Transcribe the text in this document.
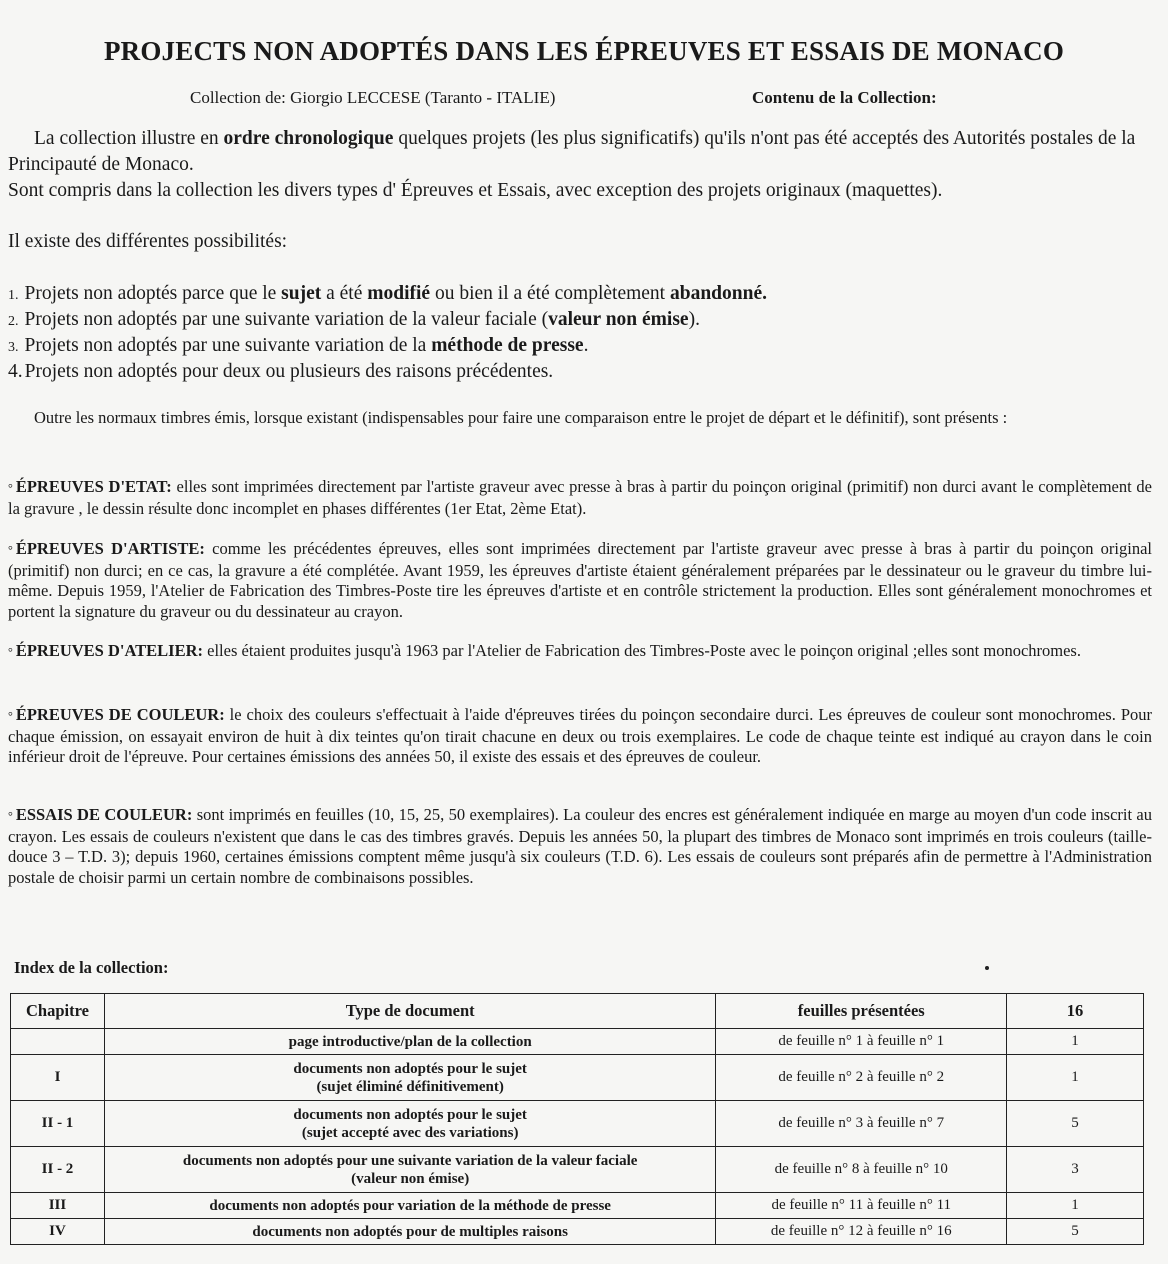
PROJECTS NON ADOPTÉS DANS LES ÉPREUVES ET ESSAIS DE MONACO
Collection de: Giorgio LECCESE (Taranto - ITALIE)	Contenu de la Collection:

La collection illustre en ordre chronologique quelques projets (les plus significatifs) qu'ils n'ont pas été acceptés des Autorités postales de la Principauté de Monaco.

Sont compris dans la collection les divers types d' Épreuves et Essais, avec exception des projets originaux (maquettes).

Il existe des différentes possibilités:
1. Projets non adoptés parce que le sujet a été modifié ou bien il a été complètement abandonné.
2. Projets non adoptés par une suivante variation de la valeur faciale (valeur non émise).
3. Projets non adoptés par une suivante variation de la méthode de presse.
4. Projets non adoptés pour deux ou plusieurs des raisons précédentes.

Outre les normaux timbres émis, lorsque existant (indispensables pour faire une comparaison entre le projet de départ et le définitif), sont présents :

° ÉPREUVES D'ETAT: elles sont imprimées directement par l'artiste graveur avec presse à bras à partir du poinçon original (primitif) non durci avant le complètement de la gravure , le dessin résulte donc incomplet en phases différentes (1er Etat, 2ème Etat).

° ÉPREUVES D'ARTISTE: comme les précédentes épreuves, elles sont imprimées directement par l'artiste graveur avec presse à bras à partir du poinçon original (primitif) non durci; en ce cas, la gravure a été complétée. Avant 1959, les épreuves d'artiste étaient généralement préparées par le dessinateur ou le graveur du timbre lui-même. Depuis 1959, l'Atelier de Fabrication des Timbres-Poste tire les épreuves d'artiste et en contrôle strictement la production. Elles sont généralement monochromes et portent la signature du graveur ou du dessinateur au crayon.

° ÉPREUVES D'ATELIER: elles étaient produites jusqu'à 1963 par l'Atelier de Fabrication des Timbres-Poste avec le poinçon original ;elles sont monochromes.

° ÉPREUVES DE COULEUR: le choix des couleurs s'effectuait à l'aide d'épreuves tirées du poinçon secondaire durci. Les épreuves de couleur sont monochromes. Pour chaque émission, on essayait environ de huit à dix teintes qu'on tirait chacune en deux ou trois exemplaires. Le code de chaque teinte est indiqué au crayon dans le coin inférieur droit de l'épreuve. Pour certaines émissions des années 50, il existe des essais et des épreuves de couleur.

° ESSAIS DE COULEUR: sont imprimés en feuilles (10, 15, 25, 50 exemplaires). La couleur des encres est généralement indiquée en marge au moyen d'un code inscrit au crayon. Les essais de couleurs n'existent que dans le cas des timbres gravés. Depuis les années 50, la plupart des timbres de Monaco sont imprimés en trois couleurs (taille-douce 3 – T.D. 3); depuis 1960, certaines émissions comptent même jusqu'à six couleurs (T.D. 6). Les essais de couleurs sont préparés afin de permettre à l'Administration postale de choisir parmi un certain nombre de combinaisons possibles.

Index de la collection:
Chapitre	Type de document	feuilles présentées	16
	page introductive/plan de la collection	de feuille n° 1 à feuille n° 1	1
I	documents non adoptés pour le sujet
(sujet éliminé définitivement)	de feuille n° 2 à feuille n° 2	1
II - 1	documents non adoptés pour le sujet
(sujet accepté avec des variations)	de feuille n° 3 à feuille n° 7	5
II - 2	documents non adoptés pour une suivante variation de la valeur faciale
(valeur non émise)	de feuille n° 8 à feuille n° 10	3
III	documents non adoptés pour variation de la méthode de presse	de feuille n° 11 à feuille n° 11	1
IV	documents non adoptés pour de multiples raisons	de feuille n° 12 à feuille n° 16	5
